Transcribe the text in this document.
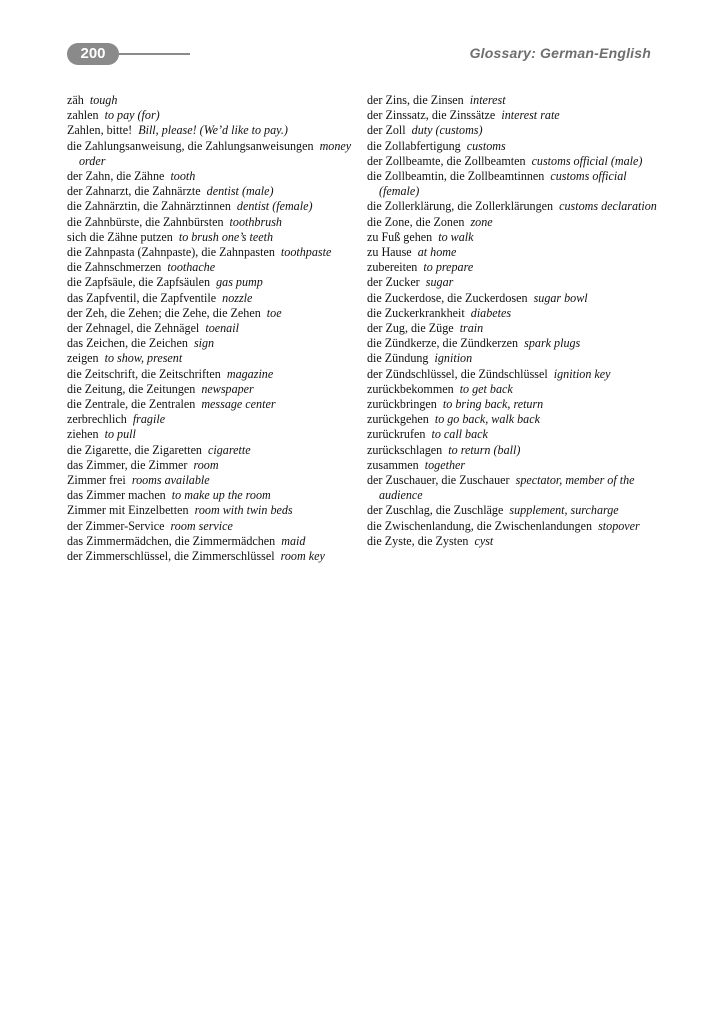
200	Glossary: German-English

zäh  tough

zahlen  to pay (for)

Zahlen, bitte!  Bill, please! (We’d like to pay.)

die Zahlungsanweisung, die Zahlungsanweisungen  money order

der Zahn, die Zähne  tooth

der Zahnarzt, die Zahnärzte  dentist (male)

die Zahnärztin, die Zahnärztinnen  dentist (female)

die Zahnbürste, die Zahnbürsten  toothbrush

sich die Zähne putzen  to brush one’s teeth

die Zahnpasta (Zahnpaste), die Zahnpasten  toothpaste

die Zahnschmerzen  toothache

die Zapfsäule, die Zapfsäulen  gas pump

das Zapfventil, die Zapfventile  nozzle

der Zeh, die Zehen; die Zehe, die Zehen  toe

der Zehnagel, die Zehnägel  toenail

das Zeichen, die Zeichen  sign

zeigen  to show, present

die Zeitschrift, die Zeitschriften  magazine

die Zeitung, die Zeitungen  newspaper

die Zentrale, die Zentralen  message center

zerbrechlich  fragile

ziehen  to pull

die Zigarette, die Zigaretten  cigarette

das Zimmer, die Zimmer  room

Zimmer frei  rooms available

das Zimmer machen  to make up the room

Zimmer mit Einzelbetten  room with twin beds

der Zimmer-Service  room service

das Zimmermädchen, die Zimmermädchen  maid

der Zimmerschlüssel, die Zimmerschlüssel  room key

der Zins, die Zinsen  interest

der Zinssatz, die Zinssätze  interest rate

der Zoll  duty (customs)

die Zollabfertigung  customs

der Zollbeamte, die Zollbeamten  customs official (male)

die Zollbeamtin, die Zollbeamtinnen  customs official (female)

die Zollerklärung, die Zollerklärungen  customs declaration

die Zone, die Zonen  zone

zu Fuß gehen  to walk

zu Hause  at home

zubereiten  to prepare

der Zucker  sugar

die Zuckerdose, die Zuckerdosen  sugar bowl

die Zuckerkrankheit  diabetes

der Zug, die Züge  train

die Zündkerze, die Zündkerzen  spark plugs

die Zündung  ignition

der Zündschlüssel, die Zündschlüssel  ignition key

zurückbekommen  to get back

zurückbringen  to bring back, return

zurückgehen  to go back, walk back

zurückrufen  to call back

zurückschlagen  to return (ball)

zusammen  together

der Zuschauer, die Zuschauer  spectator, member of the audience

der Zuschlag, die Zuschläge  supplement, surcharge

die Zwischenlandung, die Zwischenlandungen  stopover

die Zyste, die Zysten  cyst
